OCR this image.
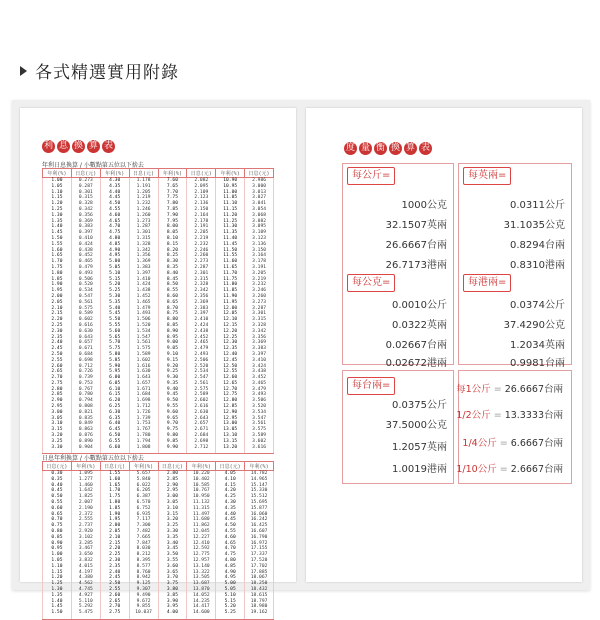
各式精選實用附錄
利 息 換 算 表
年利日息換算 / 小數點第五位以下捨去
年利(%)	日息(元)	年利(%)	日息(元)	年利(%)	日息(元)	年利(%)	日息(元)
1.00	0.273	4.30	1.178	7.60	2.082	10.90	2.986
1.05	0.287	4.35	1.191	7.65	2.095	10.95	3.000
1.10	0.301	4.40	1.205	7.70	2.109	11.00	3.013
1.15	0.315	4.45	1.219	7.75	2.123	11.05	3.027
1.20	0.328	4.50	1.232	7.80	2.136	11.10	3.041
1.25	0.342	4.55	1.246	7.85	2.150	11.15	3.054
1.30	0.356	4.60	1.260	7.90	2.164	11.20	3.068
1.35	0.369	4.65	1.273	7.95	2.178	11.25	3.082
1.40	0.383	4.70	1.287	8.00	2.191	11.30	3.095
1.45	0.397	4.75	1.301	8.05	2.205	11.35	3.109
1.50	0.410	4.80	1.315	8.10	2.219	11.40	3.123
1.55	0.424	4.85	1.328	8.15	2.232	11.45	3.136
1.60	0.438	4.90	1.342	8.20	2.246	11.50	3.150
1.65	0.452	4.95	1.356	8.25	2.260	11.55	3.164
1.70	0.465	5.00	1.369	8.30	2.273	11.60	3.178
1.75	0.479	5.05	1.383	8.35	2.287	11.65	3.191
1.80	0.493	5.10	1.397	8.40	2.301	11.70	3.205
1.85	0.506	5.15	1.410	8.45	2.315	11.75	3.219
1.90	0.520	5.20	1.424	8.50	2.328	11.80	3.232
1.95	0.534	5.25	1.438	8.55	2.342	11.85	3.246
2.00	0.547	5.30	1.452	8.60	2.356	11.90	3.260
2.05	0.561	5.35	1.465	8.65	2.369	11.95	3.273
2.10	0.575	5.40	1.479	8.70	2.383	12.00	3.287
2.15	0.589	5.45	1.493	8.75	2.397	12.05	3.301
2.20	0.602	5.50	1.506	8.80	2.410	12.10	3.315
2.25	0.616	5.55	1.520	8.85	2.424	12.15	3.328
2.30	0.630	5.60	1.534	8.90	2.438	12.20	3.342
2.35	0.643	5.65	1.547	8.95	2.452	12.25	3.356
2.40	0.657	5.70	1.561	9.00	2.465	12.30	3.369
2.45	0.671	5.75	1.575	9.05	2.479	12.35	3.383
2.50	0.684	5.80	1.589	9.10	2.493	12.40	3.397
2.55	0.698	5.85	1.602	9.15	2.506	12.45	3.410
2.60	0.712	5.90	1.616	9.20	2.520	12.50	3.424
2.65	0.726	5.95	1.630	9.25	2.534	12.55	3.438
2.70	0.739	6.00	1.643	9.30	2.547	12.60	3.452
2.75	0.753	6.05	1.657	9.35	2.561	12.65	3.465
2.80	0.767	6.10	1.671	9.40	2.575	12.70	3.479
2.85	0.780	6.15	1.684	9.45	2.589	12.75	3.493
2.90	0.794	6.20	1.698	9.50	2.602	12.80	3.506
2.95	0.808	6.25	1.712	9.55	2.616	12.85	3.520
3.00	0.821	6.30	1.726	9.60	2.630	12.90	3.534
3.05	0.835	6.35	1.739	9.65	2.643	12.95	3.547
3.10	0.849	6.40	1.753	9.70	2.657	13.00	3.561
3.15	0.863	6.45	1.767	9.75	2.671	13.05	3.575
3.20	0.876	6.50	1.780	9.80	2.684	13.10	3.589
3.25	0.890	6.55	1.794	9.85	2.698	13.15	3.602
3.30	0.904	6.60	1.808	9.90	2.712	13.20	3.616

日息年利換算 / 小數點第五位以下捨去
日息(元)	年利(%)	日息(元)	年利(%)	日息(元)	年利(%)	日息(元)	年利(%)
0.30	1.095	1.55	5.657	2.80	10.220	4.05	14.782
0.35	1.277	1.60	5.840	2.85	10.402	4.10	14.965
0.40	1.460	1.65	6.022	2.90	10.585	4.15	15.147
0.45	1.642	1.70	6.205	2.95	10.767	4.20	15.330
0.50	1.825	1.75	6.387	3.00	10.950	4.25	15.512
0.55	2.007	1.80	6.570	3.05	11.132	4.30	15.695
0.60	2.190	1.85	6.752	3.10	11.315	4.35	15.877
0.65	2.372	1.90	6.935	3.15	11.497	4.40	16.060
0.70	2.555	1.95	7.117	3.20	11.680	4.45	16.242
0.75	2.737	2.00	7.300	3.25	11.862	4.50	16.425
0.80	2.920	2.05	7.482	3.30	12.045	4.55	16.607
0.85	3.102	2.10	7.665	3.35	12.227	4.60	16.790
0.90	3.285	2.15	7.847	3.40	12.410	4.65	16.972
0.95	3.467	2.20	8.030	3.45	12.592	4.70	17.155
1.00	3.650	2.25	8.212	3.50	12.775	4.75	17.337
1.05	3.832	2.30	8.395	3.55	12.957	4.80	17.520
1.10	4.015	2.35	8.577	3.60	13.140	4.85	17.702
1.15	4.197	2.40	8.760	3.65	13.322	4.90	17.885
1.20	4.380	2.45	8.942	3.70	13.505	4.95	18.067
1.25	4.562	2.50	9.125	3.75	13.687	5.00	18.250
1.30	4.745	2.55	9.307	3.80	13.870	5.05	18.432
1.35	4.927	2.60	9.490	3.85	14.052	5.10	18.615
1.40	5.110	2.65	9.672	3.90	14.235	5.15	18.797
1.45	5.292	2.70	9.855	3.95	14.417	5.20	18.980
1.50	5.475	2.75	10.037	4.00	14.600	5.25	19.162

度 量 衡 換 算 表
每公斤=
1000公克
32.1507英兩
26.6667台兩
26.7173港兩
每公克=
0.0010公斤
0.0322英兩
0.02667台兩
0.02672港兩
每英兩=
0.0311公斤
31.1035公克
0.8294台兩
0.8310港兩
每港兩=
0.0374公斤
37.4290公克
1.2034英兩
0.9981台兩
每台兩=
0.0375公斤
37.5000公克
1.2057英兩
1.0019港兩
每1公斤 = 26.6667台兩
1/2公斤 = 13.3333台兩
1/4公斤 = 6.6667台兩
1/10公斤 = 2.6667台兩
